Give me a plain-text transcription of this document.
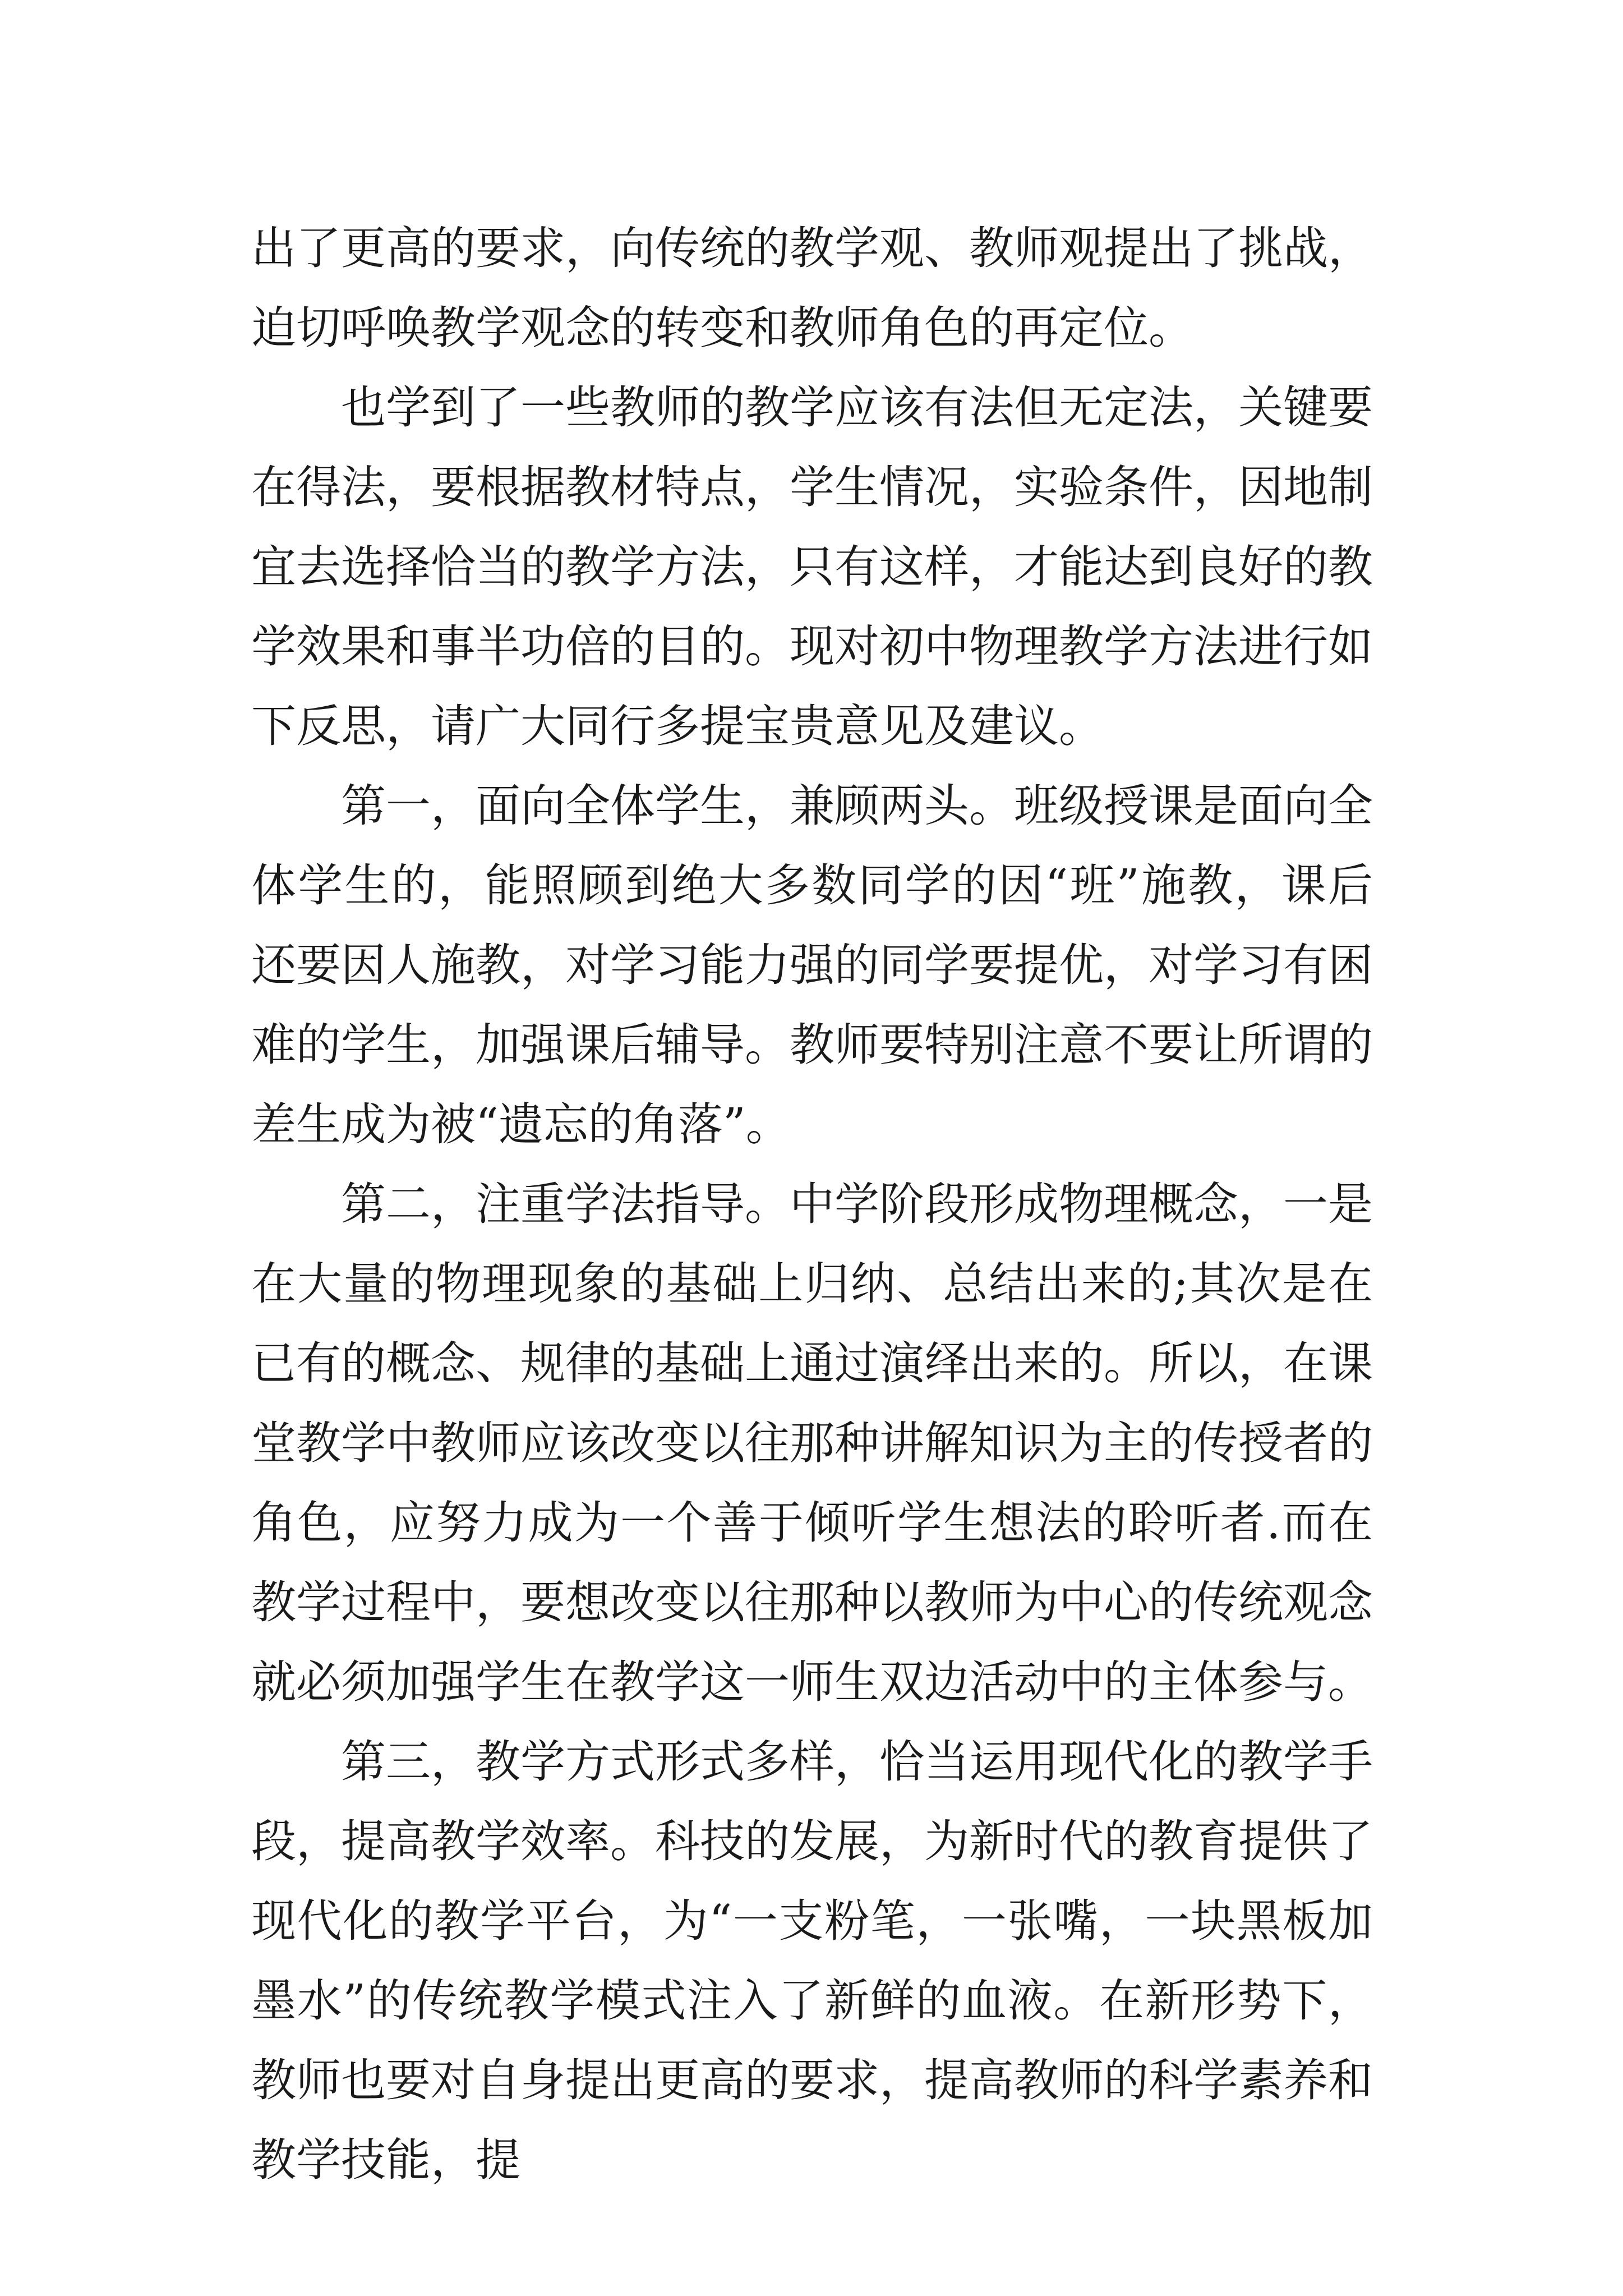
出了更高的要求，向传统的教学观、教师观提出了挑战，迫切呼唤教学观念的转变和教师角色的再定位。

也学到了一些教师的教学应该有法但无定法，关键要在得法，要根据教材特点，学生情况，实验条件，因地制宜去选择恰当的教学方法，只有这样，才能达到良好的教学效果和事半功倍的目的。现对初中物理教学方法进行如下反思，请广大同行多提宝贵意见及建议。

第一，面向全体学生，兼顾两头。班级授课是面向全体学生的，能照顾到绝大多数同学的因“班”施教，课后还要因人施教，对学习能力强的同学要提优，对学习有困难的学生，加强课后辅导。教师要特别注意不要让所谓的差生成为被“遗忘的角落”。

第二，注重学法指导。中学阶段形成物理概念，一是在大量的物理现象的基础上归纳、总结出来的;其次是在已有的概念、规律的基础上通过演绎出来的。所以，在课堂教学中教师应该改变以往那种讲解知识为主的传授者的角色，应努力成为一个善于倾听学生想法的聆听者.而在教学过程中，要想改变以往那种以教师为中心的传统观念就必须加强学生在教学这一师生双边活动中的主体参与。

第三，教学方式形式多样，恰当运用现代化的教学手段，提高教学效率。科技的发展，为新时代的教育提供了现代化的教学平台，为“一支粉笔，一张嘴，一块黑板加墨水”的传统教学模式注入了新鲜的血液。在新形势下，教师也要对自身提出更高的要求，提高教师的科学素养和教学技能，提
